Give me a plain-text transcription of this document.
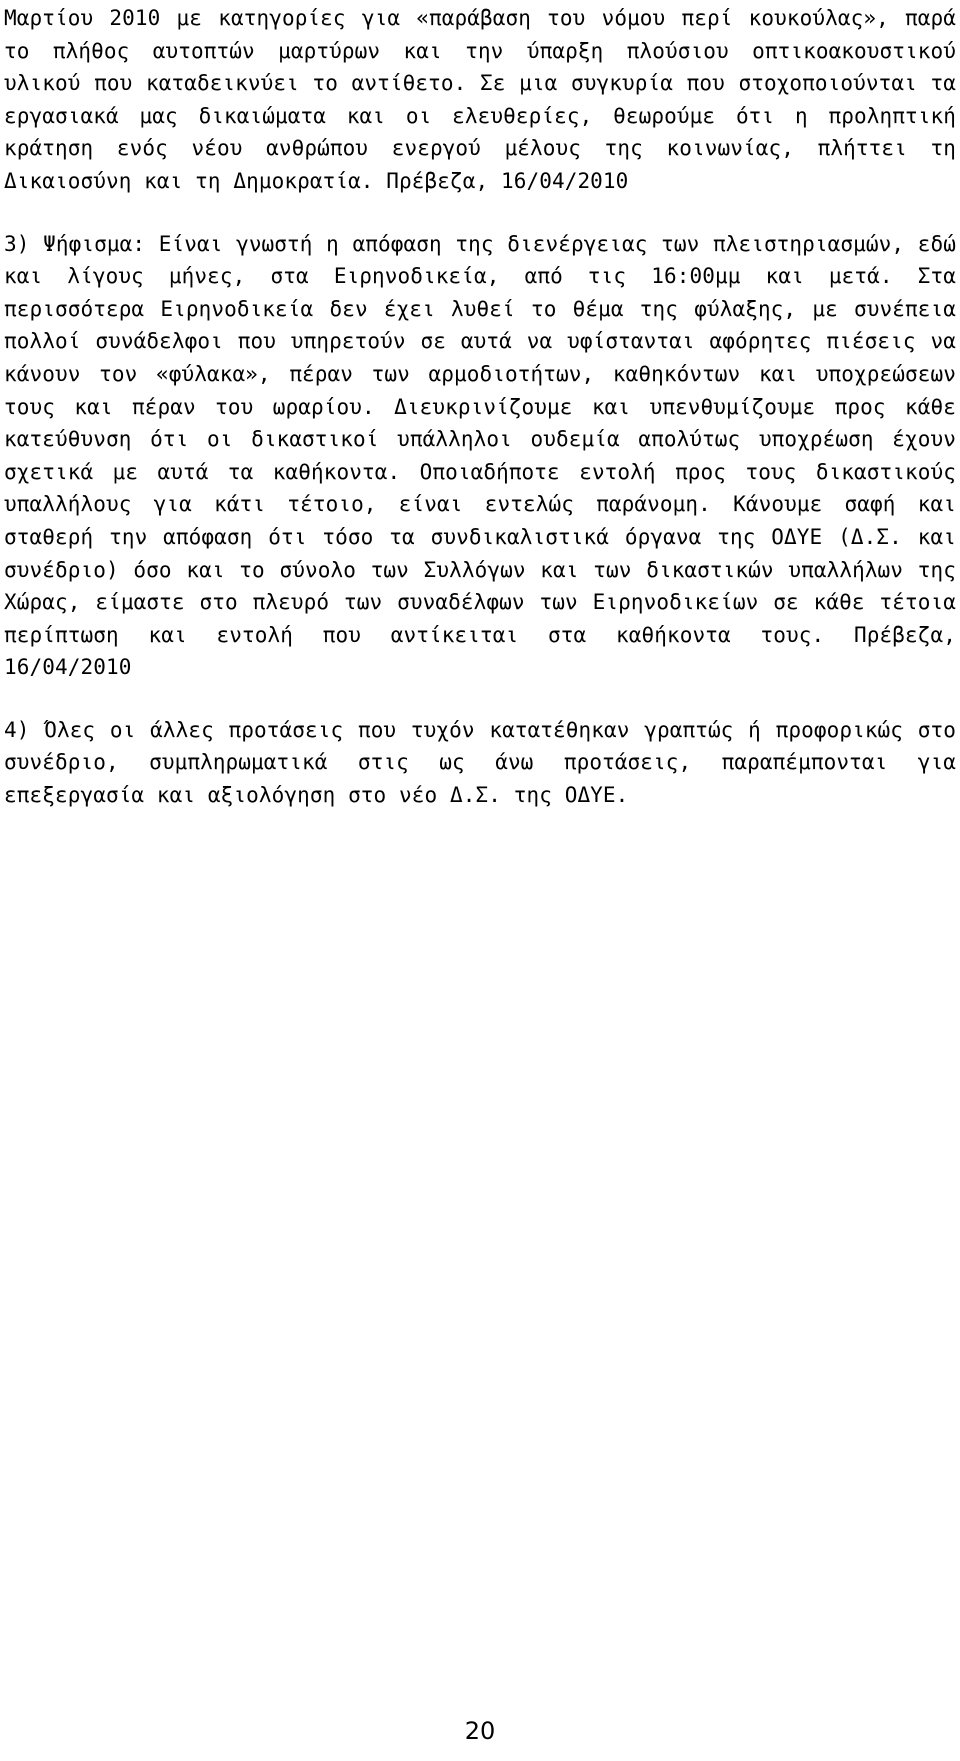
Μαρτίου 2010 με κατηγορίες για «παράβαση του νόμου περί κουκούλας», παρά το πλήθος αυτοπτών μαρτύρων και την ύπαρξη πλούσιου οπτικοακουστικού υλικού που καταδεικνύει το αντίθετο. Σε μια συγκυρία που στοχοποιούνται τα εργασιακά μας δικαιώματα και οι ελευθερίες, θεωρούμε ότι η προληπτική κράτηση ενός νέου ανθρώπου ενεργού μέλους της κοινωνίας, πλήττει τη Δικαιοσύνη και τη Δημοκρατία. Πρέβεζα, 16/04/2010

3) Ψήφισμα: Είναι γνωστή η απόφαση της διενέργειας των πλειστηριασμών, εδώ και λίγους μήνες, στα Ειρηνοδικεία, από τις 16:00μμ και μετά. Στα περισσότερα Ειρηνοδικεία δεν έχει λυθεί το θέμα της φύλαξης, με συνέπεια πολλοί συνάδελφοι που υπηρετούν σε αυτά να υφίστανται αφόρητες πιέσεις να κάνουν τον «φύλακα», πέραν των αρμοδιοτήτων, καθηκόντων και υποχρεώσεων τους και πέραν του ωραρίου. Διευκρινίζουμε και υπενθυμίζουμε προς κάθε κατεύθυνση ότι οι δικαστικοί υπάλληλοι ουδεμία απολύτως υποχρέωση έχουν σχετικά με αυτά τα καθήκοντα. Οποιαδήποτε εντολή προς τους δικαστικούς υπαλλήλους για κάτι τέτοιο, είναι εντελώς παράνομη. Κάνουμε σαφή και σταθερή την απόφαση ότι τόσο τα συνδικαλιστικά όργανα της ΟΔΥΕ (Δ.Σ. και συνέδριο) όσο και το σύνολο των Συλλόγων και των δικαστικών υπαλλήλων της Χώρας, είμαστε στο πλευρό των συναδέλφων των Ειρηνοδικείων σε κάθε τέτοια περίπτωση και εντολή που αντίκειται στα καθήκοντα τους. Πρέβεζα, 16/04/2010

4) Όλες οι άλλες προτάσεις που τυχόν κατατέθηκαν γραπτώς ή προφορικώς στο συνέδριο, συμπληρωματικά στις ως άνω προτάσεις, παραπέμπονται για επεξεργασία και αξιολόγηση στο νέο Δ.Σ. της ΟΔΥΕ.

20
